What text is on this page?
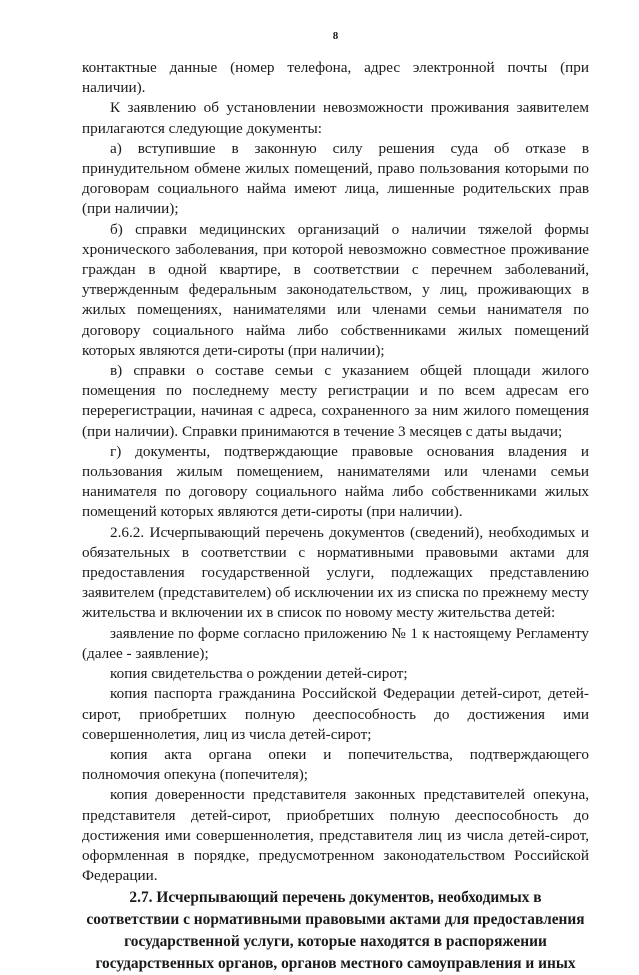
8

контактные данные (номер телефона, адрес электронной почты (при наличии).

К заявлению об установлении невозможности проживания заявителем прилагаются следующие документы:

а) вступившие в законную силу решения суда об отказе в принудительном обмене жилых помещений, право пользования которыми по договорам социального найма имеют лица, лишенные родительских прав (при наличии);

б) справки медицинских организаций о наличии тяжелой формы хронического заболевания, при которой невозможно совместное проживание граждан в одной квартире, в соответствии с перечнем заболеваний, утвержденным федеральным законодательством, у лиц, проживающих в жилых помещениях, нанимателями или членами семьи нанимателя по договору социального найма либо собственниками жилых помещений которых являются дети-сироты (при наличии);

в) справки о составе семьи с указанием общей площади жилого помещения по последнему месту регистрации и по всем адресам его перерегистрации, начиная с адреса, сохраненного за ним жилого помещения (при наличии). Справки принимаются в течение 3 месяцев с даты выдачи;

г) документы, подтверждающие правовые основания владения и пользования жилым помещением, нанимателями или членами семьи нанимателя по договору социального найма либо собственниками жилых помещений которых являются дети-сироты (при наличии).

2.6.2. Исчерпывающий перечень документов (сведений), необходимых и обязательных в соответствии с нормативными правовыми актами для предоставления государственной услуги, подлежащих представлению заявителем (представителем) об исключении их из списка по прежнему месту жительства и включении их в список по новому месту жительства детей:

заявление по форме согласно приложению № 1 к настоящему Регламенту (далее - заявление);

копия свидетельства о рождении детей-сирот;

копия паспорта гражданина Российской Федерации детей-сирот, детей-сирот, приобретших полную дееспособность до достижения ими совершеннолетия, лиц из числа детей-сирот;

копия акта органа опеки и попечительства, подтверждающего полномочия опекуна (попечителя);

копия доверенности представителя законных представителей опекуна, представителя детей-сирот, приобретших полную дееспособность до достижения ими совершеннолетия, представителя лиц из числа детей-сирот, оформленная в порядке, предусмотренном законодательством Российской Федерации.

2.7. Исчерпывающий перечень документов, необходимых в
соответствии с нормативными правовыми актами для предоставления
государственной услуги, которые находятся в распоряжении
государственных органов, органов местного самоуправления и иных
